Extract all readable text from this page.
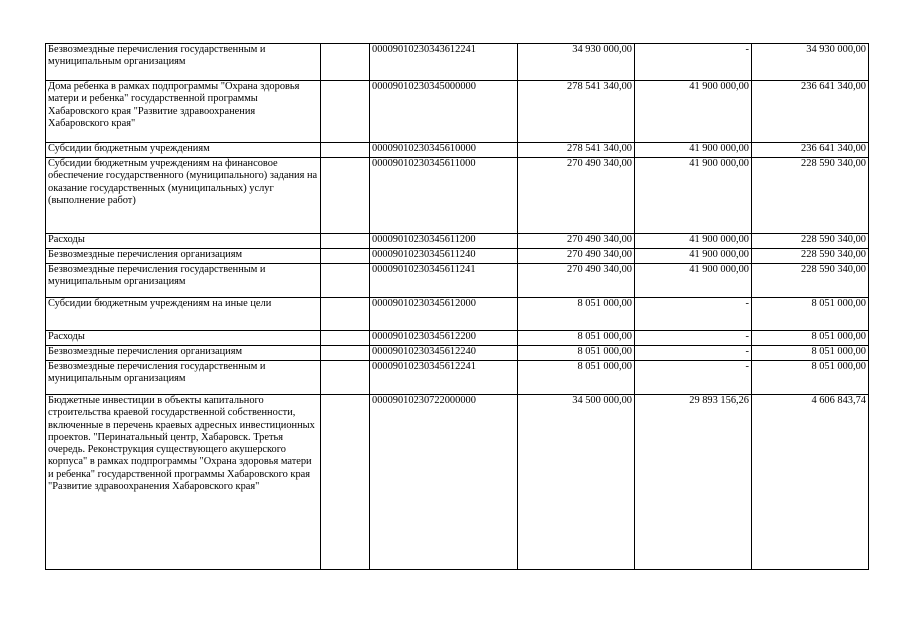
Безвозмездные перечисления государственным и муниципальным организациям		00009010230343612241	34 930 000,00	-	34 930 000,00
Дома ребенка в рамках подпрограммы "Охрана здоровья матери и ребенка" государственной программы Хабаровского края "Развитие здравоохранения Хабаровского края"		00009010230345000000	278 541 340,00	41 900 000,00	236 641 340,00
Субсидии бюджетным учреждениям		00009010230345610000	278 541 340,00	41 900 000,00	236 641 340,00
Субсидии бюджетным учреждениям на финансовое обеспечение государственного (муниципального) задания на оказание государственных (муниципальных) услуг (выполнение работ)		00009010230345611000	270 490 340,00	41 900 000,00	228 590 340,00
Расходы		00009010230345611200	270 490 340,00	41 900 000,00	228 590 340,00
Безвозмездные перечисления организациям		00009010230345611240	270 490 340,00	41 900 000,00	228 590 340,00
Безвозмездные перечисления государственным и муниципальным организациям		00009010230345611241	270 490 340,00	41 900 000,00	228 590 340,00
Субсидии бюджетным учреждениям на иные цели		00009010230345612000	8 051 000,00	-	8 051 000,00
Расходы		00009010230345612200	8 051 000,00	-	8 051 000,00
Безвозмездные перечисления организациям		00009010230345612240	8 051 000,00	-	8 051 000,00
Безвозмездные перечисления государственным и муниципальным организациям		00009010230345612241	8 051 000,00	-	8 051 000,00
Бюджетные инвестиции в объекты капитального строительства краевой государственной собственности, включенные в перечень краевых адресных инвестиционных проектов. "Перинатальный центр, Хабаровск. Третья очередь. Реконструкция существующего акушерского корпуса" в рамках подпрограммы "Охрана здоровья матери и ребенка" государственной программы Хабаровского края "Развитие здравоохранения Хабаровского края"		00009010230722000000	34 500 000,00	29 893 156,26	4 606 843,74
